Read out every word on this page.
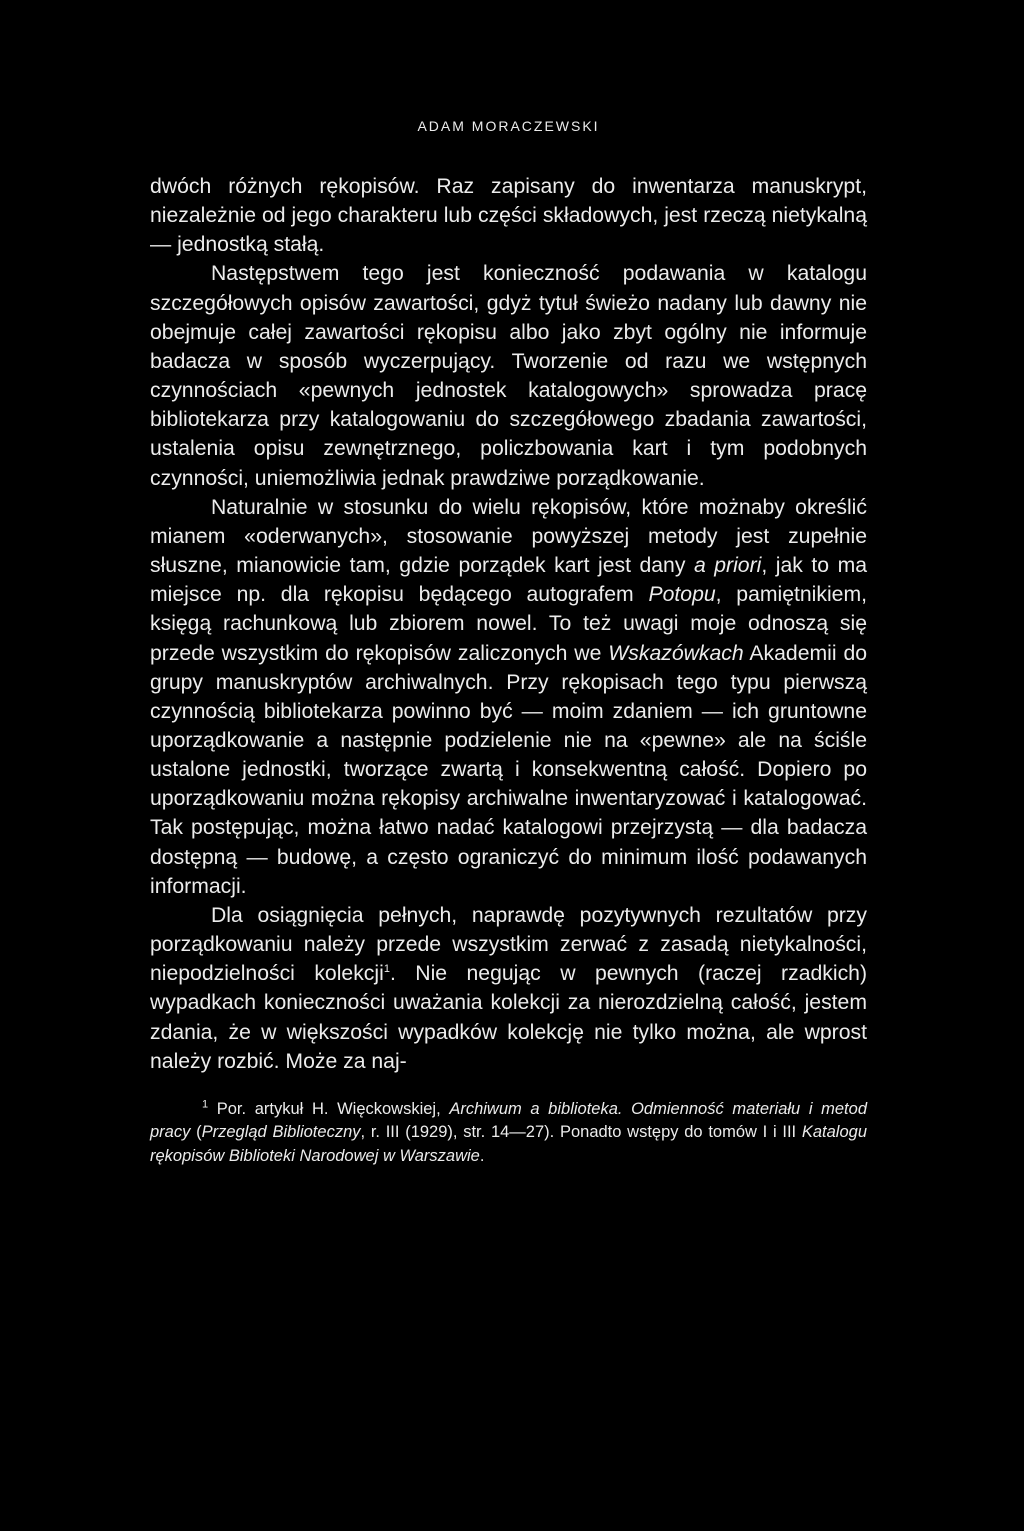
ADAM MORACZEWSKI

dwóch różnych rękopisów. Raz zapisany do inwentarza manuskrypt, niezależnie od jego charakteru lub części składowych, jest rzeczą nietykalną — jednostką stałą.

Następstwem tego jest konieczność podawania w katalogu szczegółowych opisów zawartości, gdyż tytuł świeżo nadany lub dawny nie obejmuje całej zawartości rękopisu albo jako zbyt ogólny nie informuje badacza w sposób wyczerpujący. Tworzenie od razu we wstępnych czynnościach «pewnych jednostek katalogowych» sprowadza pracę bibliotekarza przy katalogowaniu do szczegółowego zbadania zawartości, ustalenia opisu zewnętrznego, policzbowania kart i tym podobnych czynności, uniemożliwia jednak prawdziwe porządkowanie.

Naturalnie w stosunku do wielu rękopisów, które możnaby określić mianem «oderwanych», stosowanie powyższej metody jest zupełnie słuszne, mianowicie tam, gdzie porządek kart jest dany a priori, jak to ma miejsce np. dla rękopisu będącego autografem Potopu, pamiętnikiem, księgą rachunkową lub zbiorem nowel. To też uwagi moje odnoszą się przede wszystkim do rękopisów zaliczonych we Wskazówkach Akademii do grupy manuskryptów archiwalnych. Przy rękopisach tego typu pierwszą czynnością bibliotekarza powinno być — moim zdaniem — ich gruntowne uporządkowanie a następnie podzielenie nie na «pewne» ale na ściśle ustalone jednostki, tworzące zwartą i konsekwentną całość. Dopiero po uporządkowaniu można rękopisy archiwalne inwentaryzować i katalogować. Tak postępując, można łatwo nadać katalogowi przejrzystą — dla badacza dostępną — budowę, a często ograniczyć do minimum ilość podawanych informacji.

Dla osiągnięcia pełnych, naprawdę pozytywnych rezultatów przy porządkowaniu należy przede wszystkim zerwać z zasadą nietykalności, niepodzielności kolekcji$^1$. Nie negując w pewnych (raczej rzadkich) wypadkach konieczności uważania kolekcji za nierozdzielną całość, jestem zdania, że w większości wypadków kolekcję nie tylko można, ale wprost należy rozbić. Może za naj-

$^1$ Por. artykuł H. Więckowskiej, Archiwum a biblioteka. Odmienność materiału i metod pracy (Przegląd Biblioteczny, r. III (1929), str. 14—27). Ponadto wstępy do tomów I i III Katalogu rękopisów Biblioteki Narodowej w Warszawie.
